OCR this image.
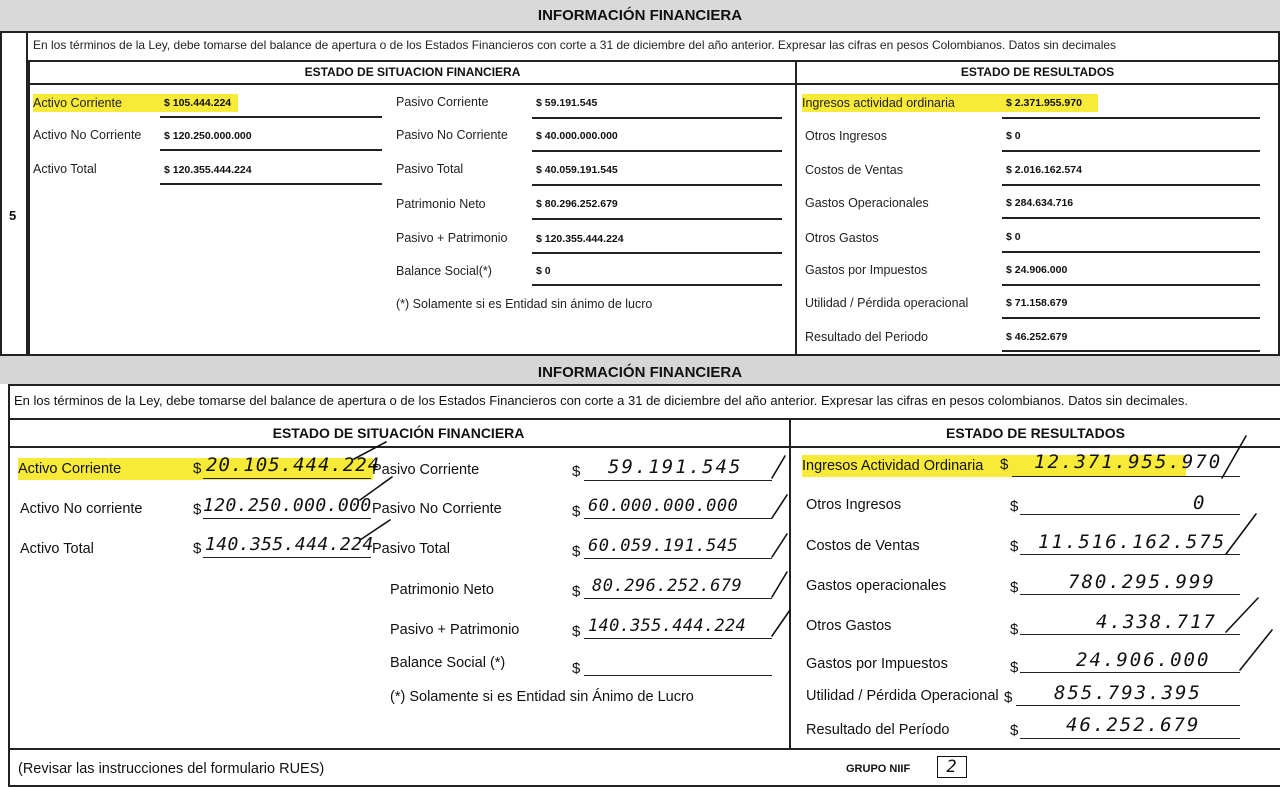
INFORMACIÓN FINANCIERA
5
En los términos de la Ley, debe tomarse del balance de apertura o de los Estados Financieros con corte a 31 de diciembre del año anterior. Expresar las cifras en pesos Colombianos. Datos sin decimales
ESTADO DE SITUACION FINANCIERA	ESTADO DE RESULTADOS
Activo Corriente	$ 105.444.224
Activo No Corriente $ 120.250.000.000
Activo Total	$ 120.355.444.224
Pasivo Corriente	$ 59.191.545
Pasivo No Corriente	$ 40.000.000.000
Pasivo Total	$ 40.059.191.545
Patrimonio Neto	$ 80.296.252.679
Pasivo + Patrimonio	$ 120.355.444.224
Balance Social(*)	$ 0
(*) Solamente si es Entidad sin ánimo de lucro
Ingresos actividad ordinaria	$ 2.371.955.970
Otros Ingresos	$ 0
Costos de Ventas	$ 2.016.162.574
Gastos Operacionales	$ 284.634.716
Otros Gastos	$ 0
Gastos por Impuestos	$ 24.906.000
Utilidad / Pérdida operacional	$ 71.158.679
Resultado del Periodo	$ 46.252.679
INFORMACIÓN FINANCIERA
En los términos de la Ley, debe tomarse del balance de apertura o de los Estados Financieros con corte a 31 de diciembre del año anterior. Expresar las cifras en pesos colombianos. Datos sin decimales.
ESTADO DE SITUACIÓN FINANCIERA	ESTADO DE RESULTADOS
Activo Corriente	$ 20.105.444.224
Activo No corriente	$ 120.250.000.000
Activo Total	$ 140.355.444.224
Pasivo Corriente	$ 59.191.545
Pasivo No Corriente	$ 60.000.000.000
Pasivo Total	$ 60.059.191.545
Patrimonio Neto	$ 80.296.252.679
Pasivo + Patrimonio	$ 140.355.444.224
Balance Social (*)	$
(*) Solamente si es Entidad sin Ánimo de Lucro
Ingresos Actividad Ordinaria	$ 12.371.955.970
Otros Ingresos	$	0
Costos de Ventas	$ 11.516.162.575
Gastos operacionales	$	780.295.999
Otros Gastos	$	4.338.717
Gastos por Impuestos	$	24.906.000
Utilidad / Pérdida Operacional $ 855.793.395
Resultado del Período	$	46.252.679
(Revisar las instrucciones del formulario RUES)	GRUPO NIIF	2
